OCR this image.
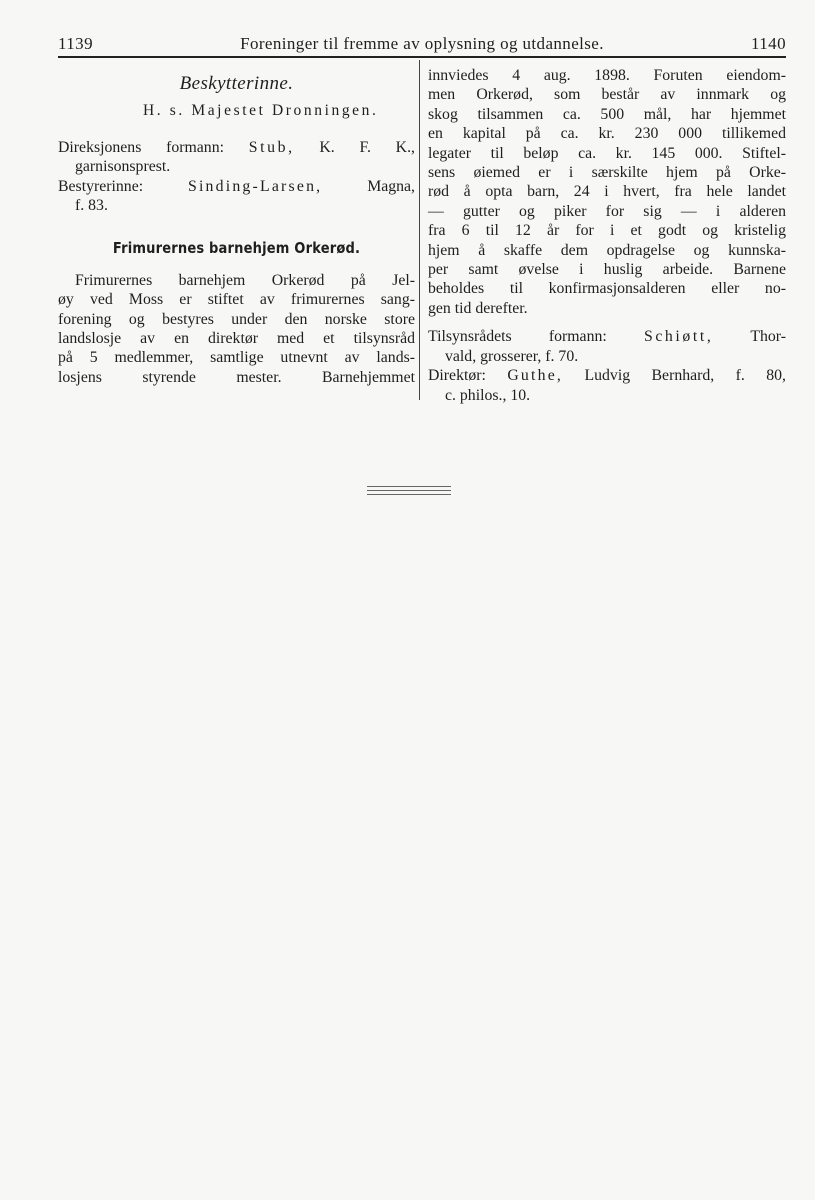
1139	Foreninger til fremme av oplysning og utdannelse.	1140
Beskytterinne.

H. s. Majestet Dronningen.

Direksjonens formann: Stub, K. F. K.,

garnisonsprest.

Bestyrerinne:	Sinding-Larsen,	Magna,

f. 83.

Frimurernes barnehjem Orkerød.

Frimurernes barnehjem Orkerød på Jel-

øy ved Moss er stiftet av frimurernes sang-

forening og bestyres under den norske store

landslosje av en direktør med et tilsynsråd

på 5 medlemmer, samtlige utnevnt av lands-

losjens styrende mester. Barnehjemmet

innviedes 4 aug. 1898. Foruten eiendom-

men Orkerød, som består av innmark og

skog tilsammen ca. 500 mål, har hjemmet

en kapital på ca. kr. 230 000 tillikemed

legater til beløp ca. kr. 145 000. Stiftel-

sens øiemed er i særskilte hjem på Orke-

rød å opta barn, 24 i hvert, fra hele landet

— gutter og piker for sig — i alderen

fra 6 til 12 år for i et godt og kristelig

hjem å skaffe dem opdragelse og kunnska-

per samt øvelse i huslig arbeide. Barnene

beholdes til konfirmasjonsalderen eller no-

gen tid derefter.

Tilsynsrådets formann: Schiøtt, Thor-

vald, grosserer, f. 70.

Direktør: Guthe, Ludvig Bernhard, f. 80,

c. philos., 10.
